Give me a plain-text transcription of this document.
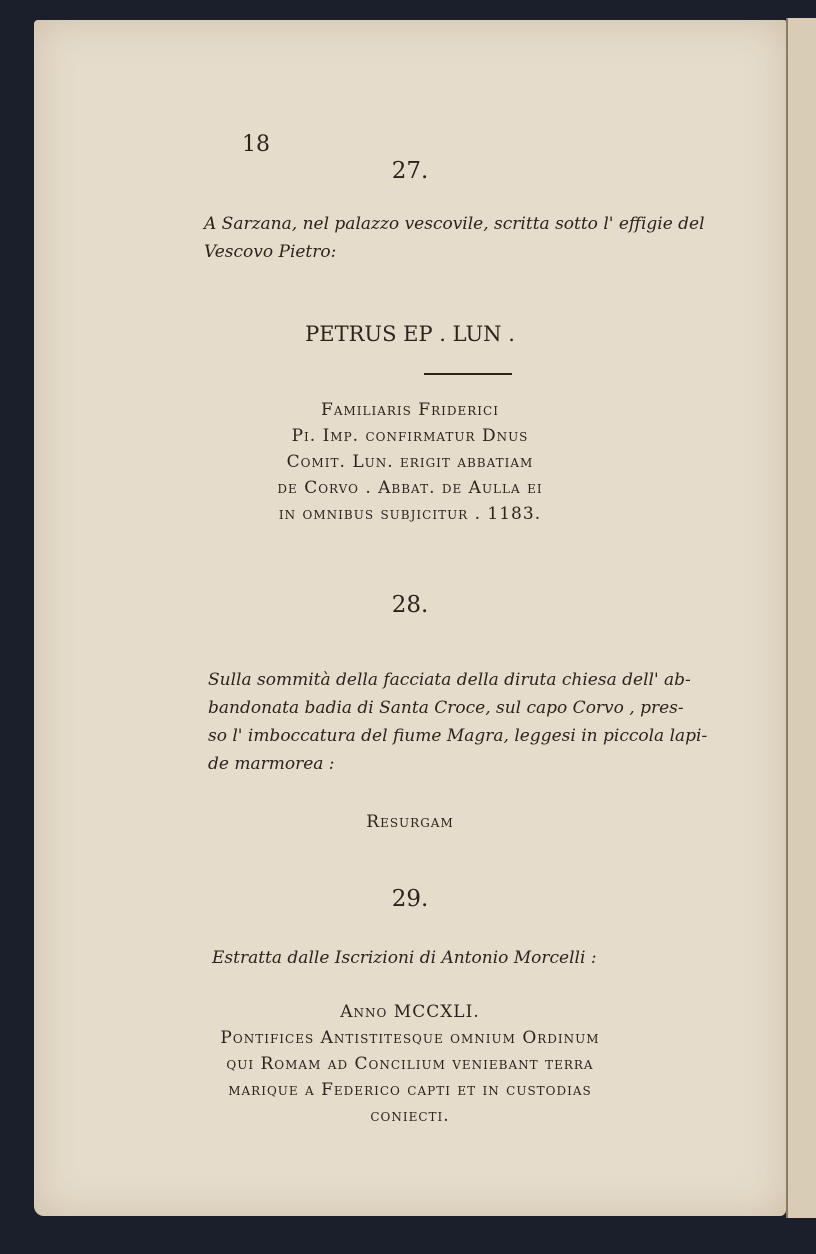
18
27.
A Sarzana, nel palazzo vescovile, scritta sotto l' effigie del
Vescovo Pietro:
PETRUS EP . LUN .
Familiaris Friderici
Pi. Imp. confirmatur Dnus
Comit. Lun. erigit abbatiam
de Corvo . Abbat. de Aulla ei
in omnibus subjicitur . 1183.
28.
Sulla sommità della facciata della diruta chiesa dell' ab-
bandonata badia di Santa Croce, sul capo Corvo , pres-
so l' imboccatura del fiume Magra, leggesi in piccola lapi-
de marmorea :
Resurgam
29.
Estratta dalle Iscrizioni di Antonio Morcelli :
Anno MCCXLI.
Pontifices Antistitesque omnium Ordinum
qui Romam ad Concilium veniebant terra
marique a Federico capti et in custodias
coniecti.
